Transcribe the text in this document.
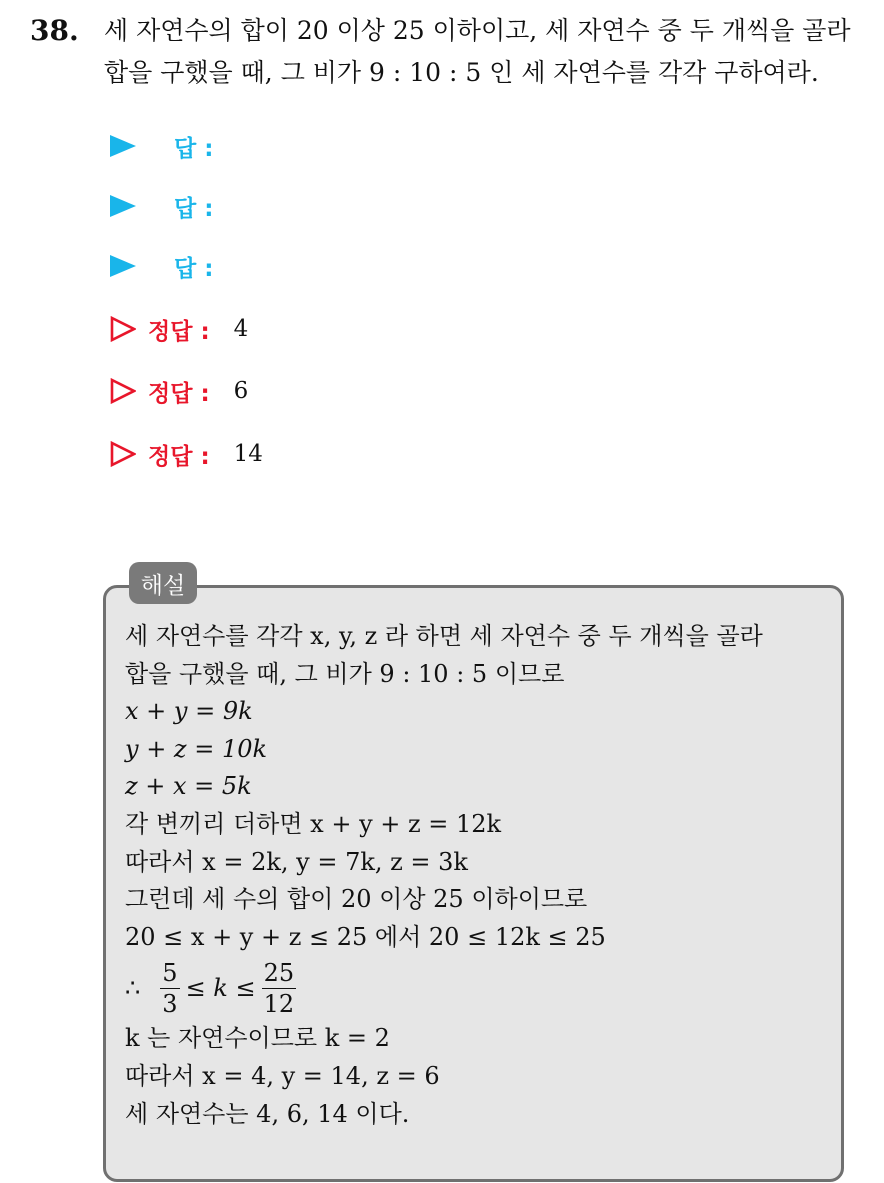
38. 세 자연수의 합이 20 이상 25 이하이고, 세 자연수 중 두 개씩을 골라
합을 구했을 때, 그 비가 9 : 10 : 5 인 세 자연수를 각각 구하여라.
답 :
답 :
답 :
정답 : 4
정답 : 6
정답 : 14
해설
세 자연수를 각각 x, y, z 라 하면 세 자연수 중 두 개씩을 골라
합을 구했을 때, 그 비가 9 : 10 : 5 이므로
x + y = 9k
y + z = 10k
z + x = 5k
각 변끼리 더하면 x + y + z = 12k
따라서 x = 2k, y = 7k, z = 3k
그런데 세 수의 합이 20 이상 25 이하이므로
20 ≤ x + y + z ≤ 25 에서 20 ≤ 12k ≤ 25
∴ $\frac{5}{3} \le k \le \frac{25}{12}$
k 는 자연수이므로 k = 2
따라서 x = 4, y = 14, z = 6
세 자연수는 4, 6, 14 이다.
